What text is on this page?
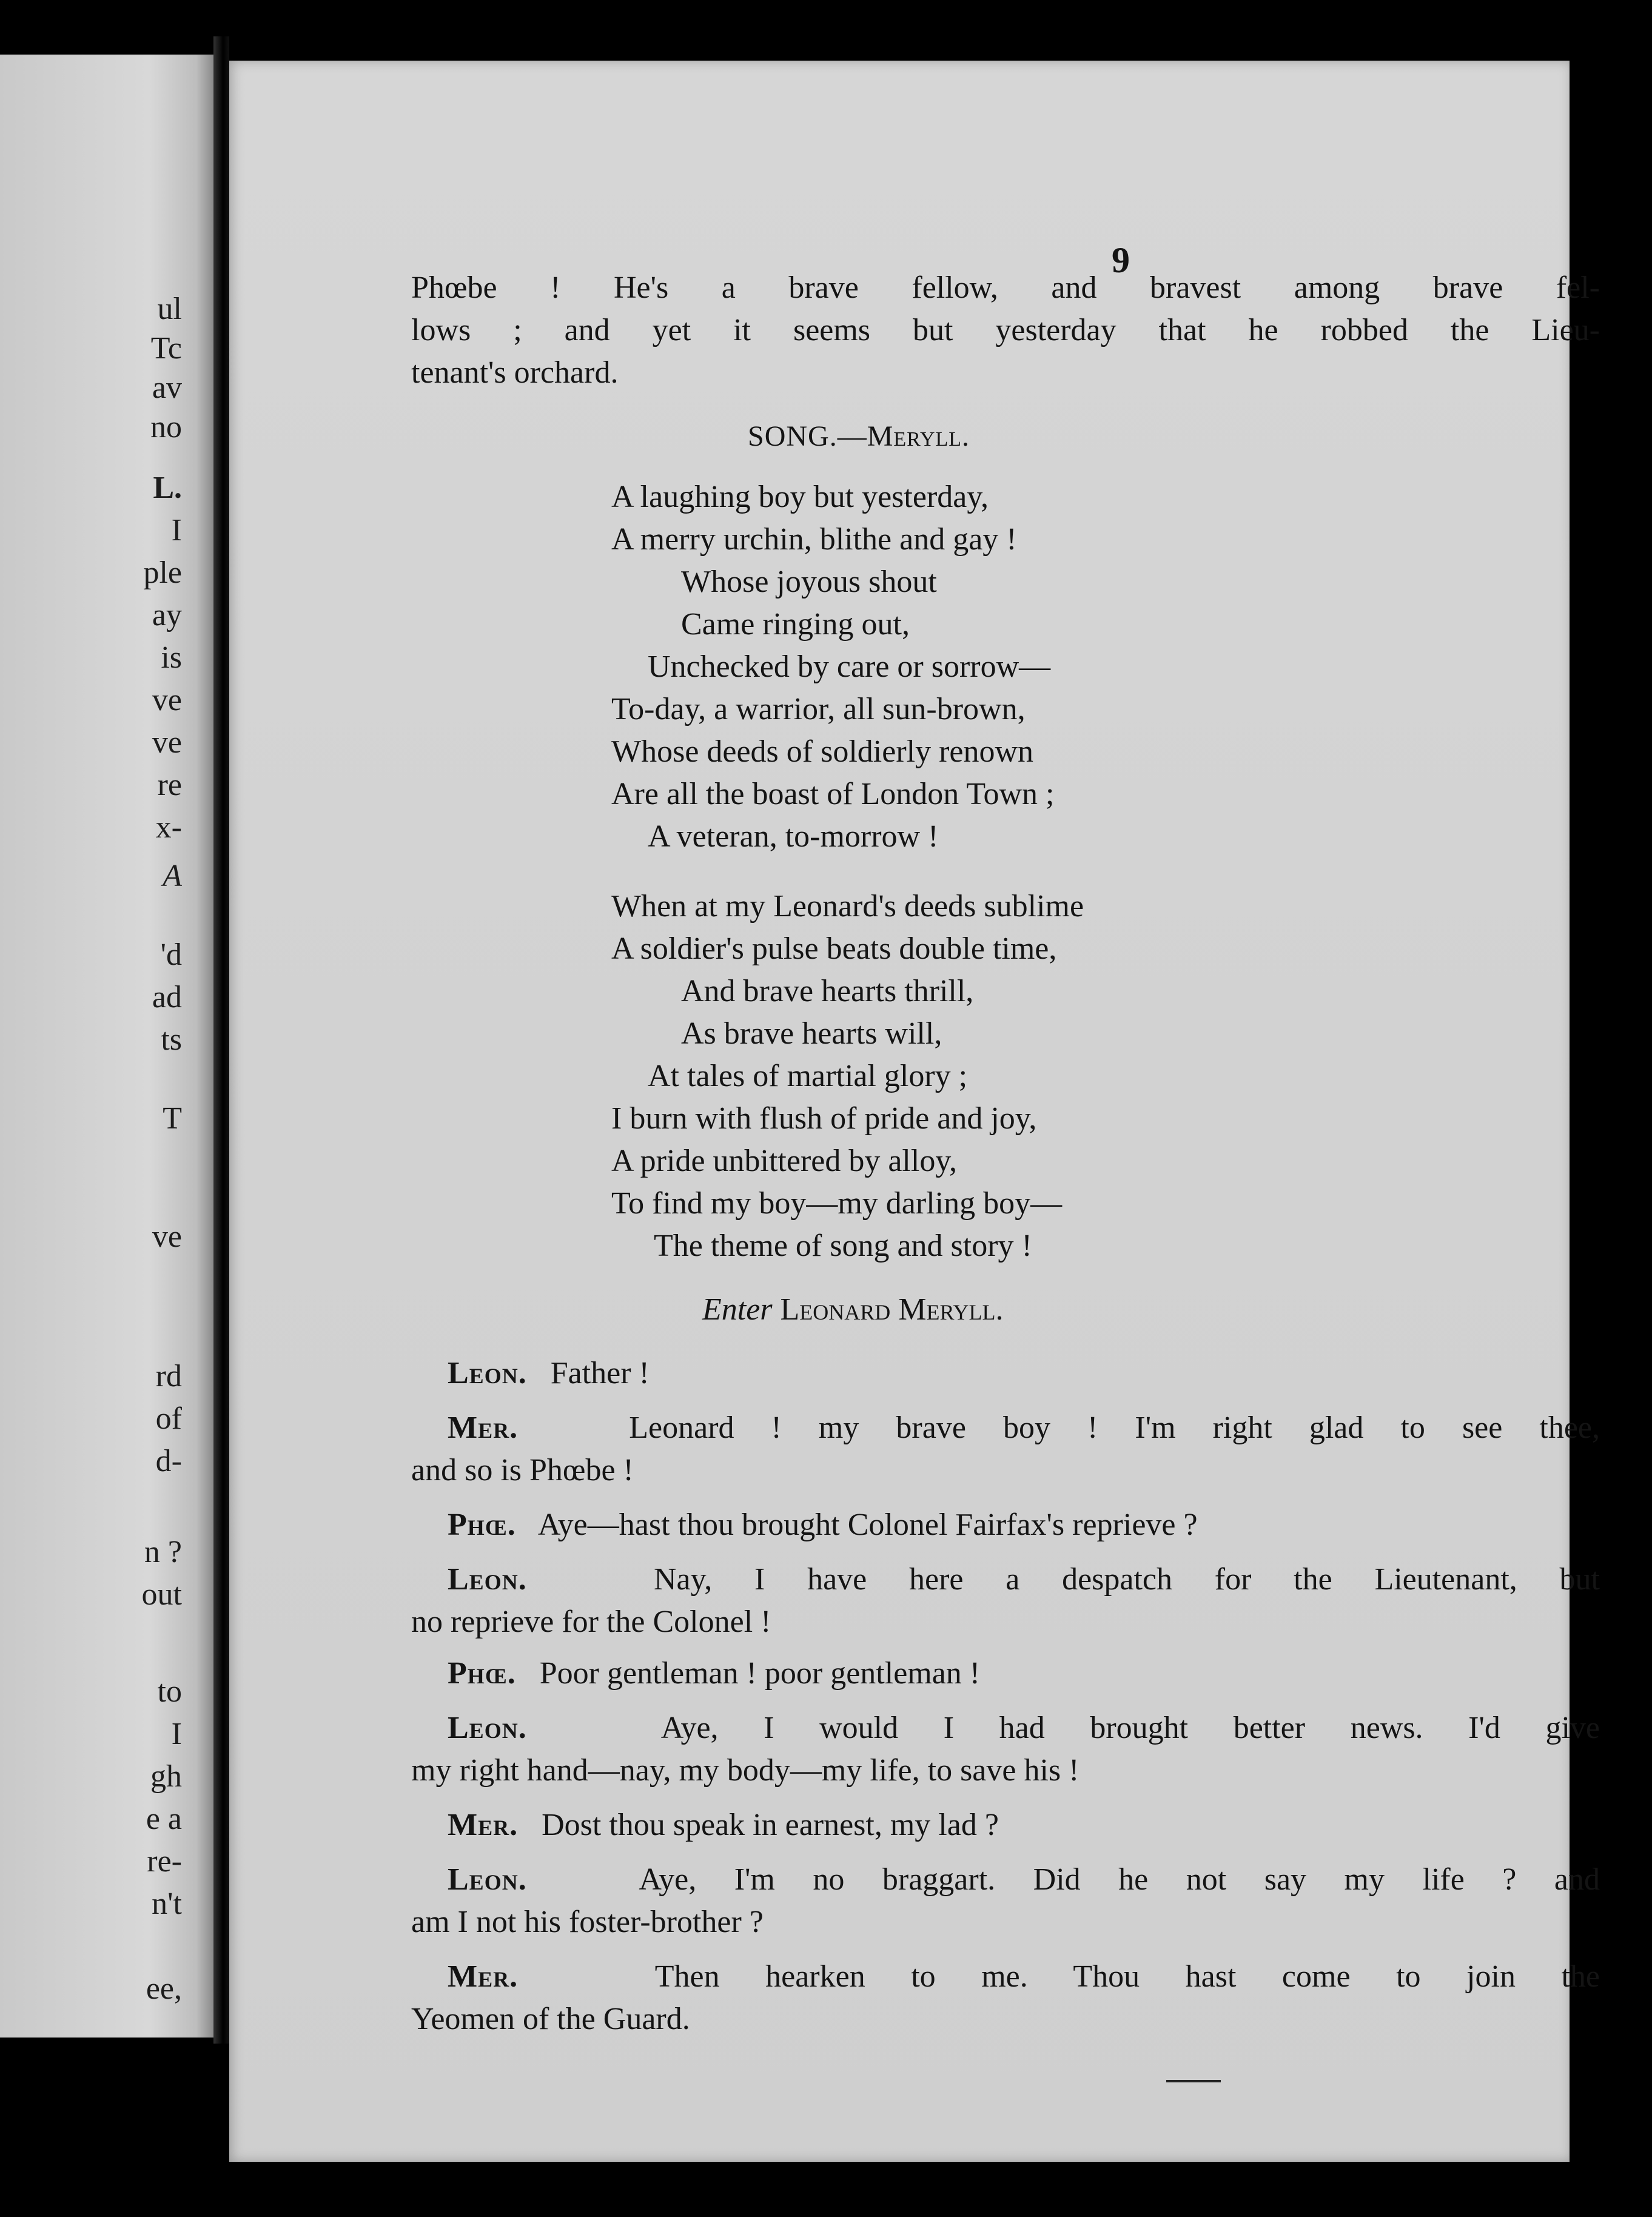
ul
Tc
av
no
L.
I
ple
ay
is
ve
ve
re
x-
A
'd
ad
ts
T
ve
rd
of
d-
n ?
out
to
I
gh
e a
re-
n't
ee,
9
Phœbe ! He's a brave fellow, and bravest among brave fel-
lows ; and yet it seems but yesterday that he robbed the Lieu-
tenant's orchard.
SONG.—Meryll.
A laughing boy but yesterday,
A merry urchin, blithe and gay !
Whose joyous shout
Came ringing out,
Unchecked by care or sorrow—
To-day, a warrior, all sun-brown,
Whose deeds of soldierly renown
Are all the boast of London Town ;
A veteran, to-morrow !
When at my Leonard's deeds sublime
A soldier's pulse beats double time,
And brave hearts thrill,
As brave hearts will,
At tales of martial glory ;
I burn with flush of pride and joy,
A pride unbittered by alloy,
To find my boy—my darling boy—
The theme of song and story !
Enter Leonard Meryll.
Leon. Father !
Mer.	Leonard ! my brave boy ! I'm right glad to see thee,
and so is Phœbe !
Phœ. Aye—hast thou brought Colonel Fairfax's reprieve ?
Leon.	Nay, I have here a despatch for the Lieutenant, but
no reprieve for the Colonel !
Phœ. Poor gentleman ! poor gentleman !
Leon.	Aye, I would I had brought better news. I'd give
my right hand—nay, my body—my life, to save his !
Mer. Dost thou speak in earnest, my lad ?
Leon.	Aye, I'm no braggart. Did he not say my life ? and
am I not his foster-brother ?
Mer.	Then hearken to me. Thou hast come to join the
Yeomen of the Guard.
